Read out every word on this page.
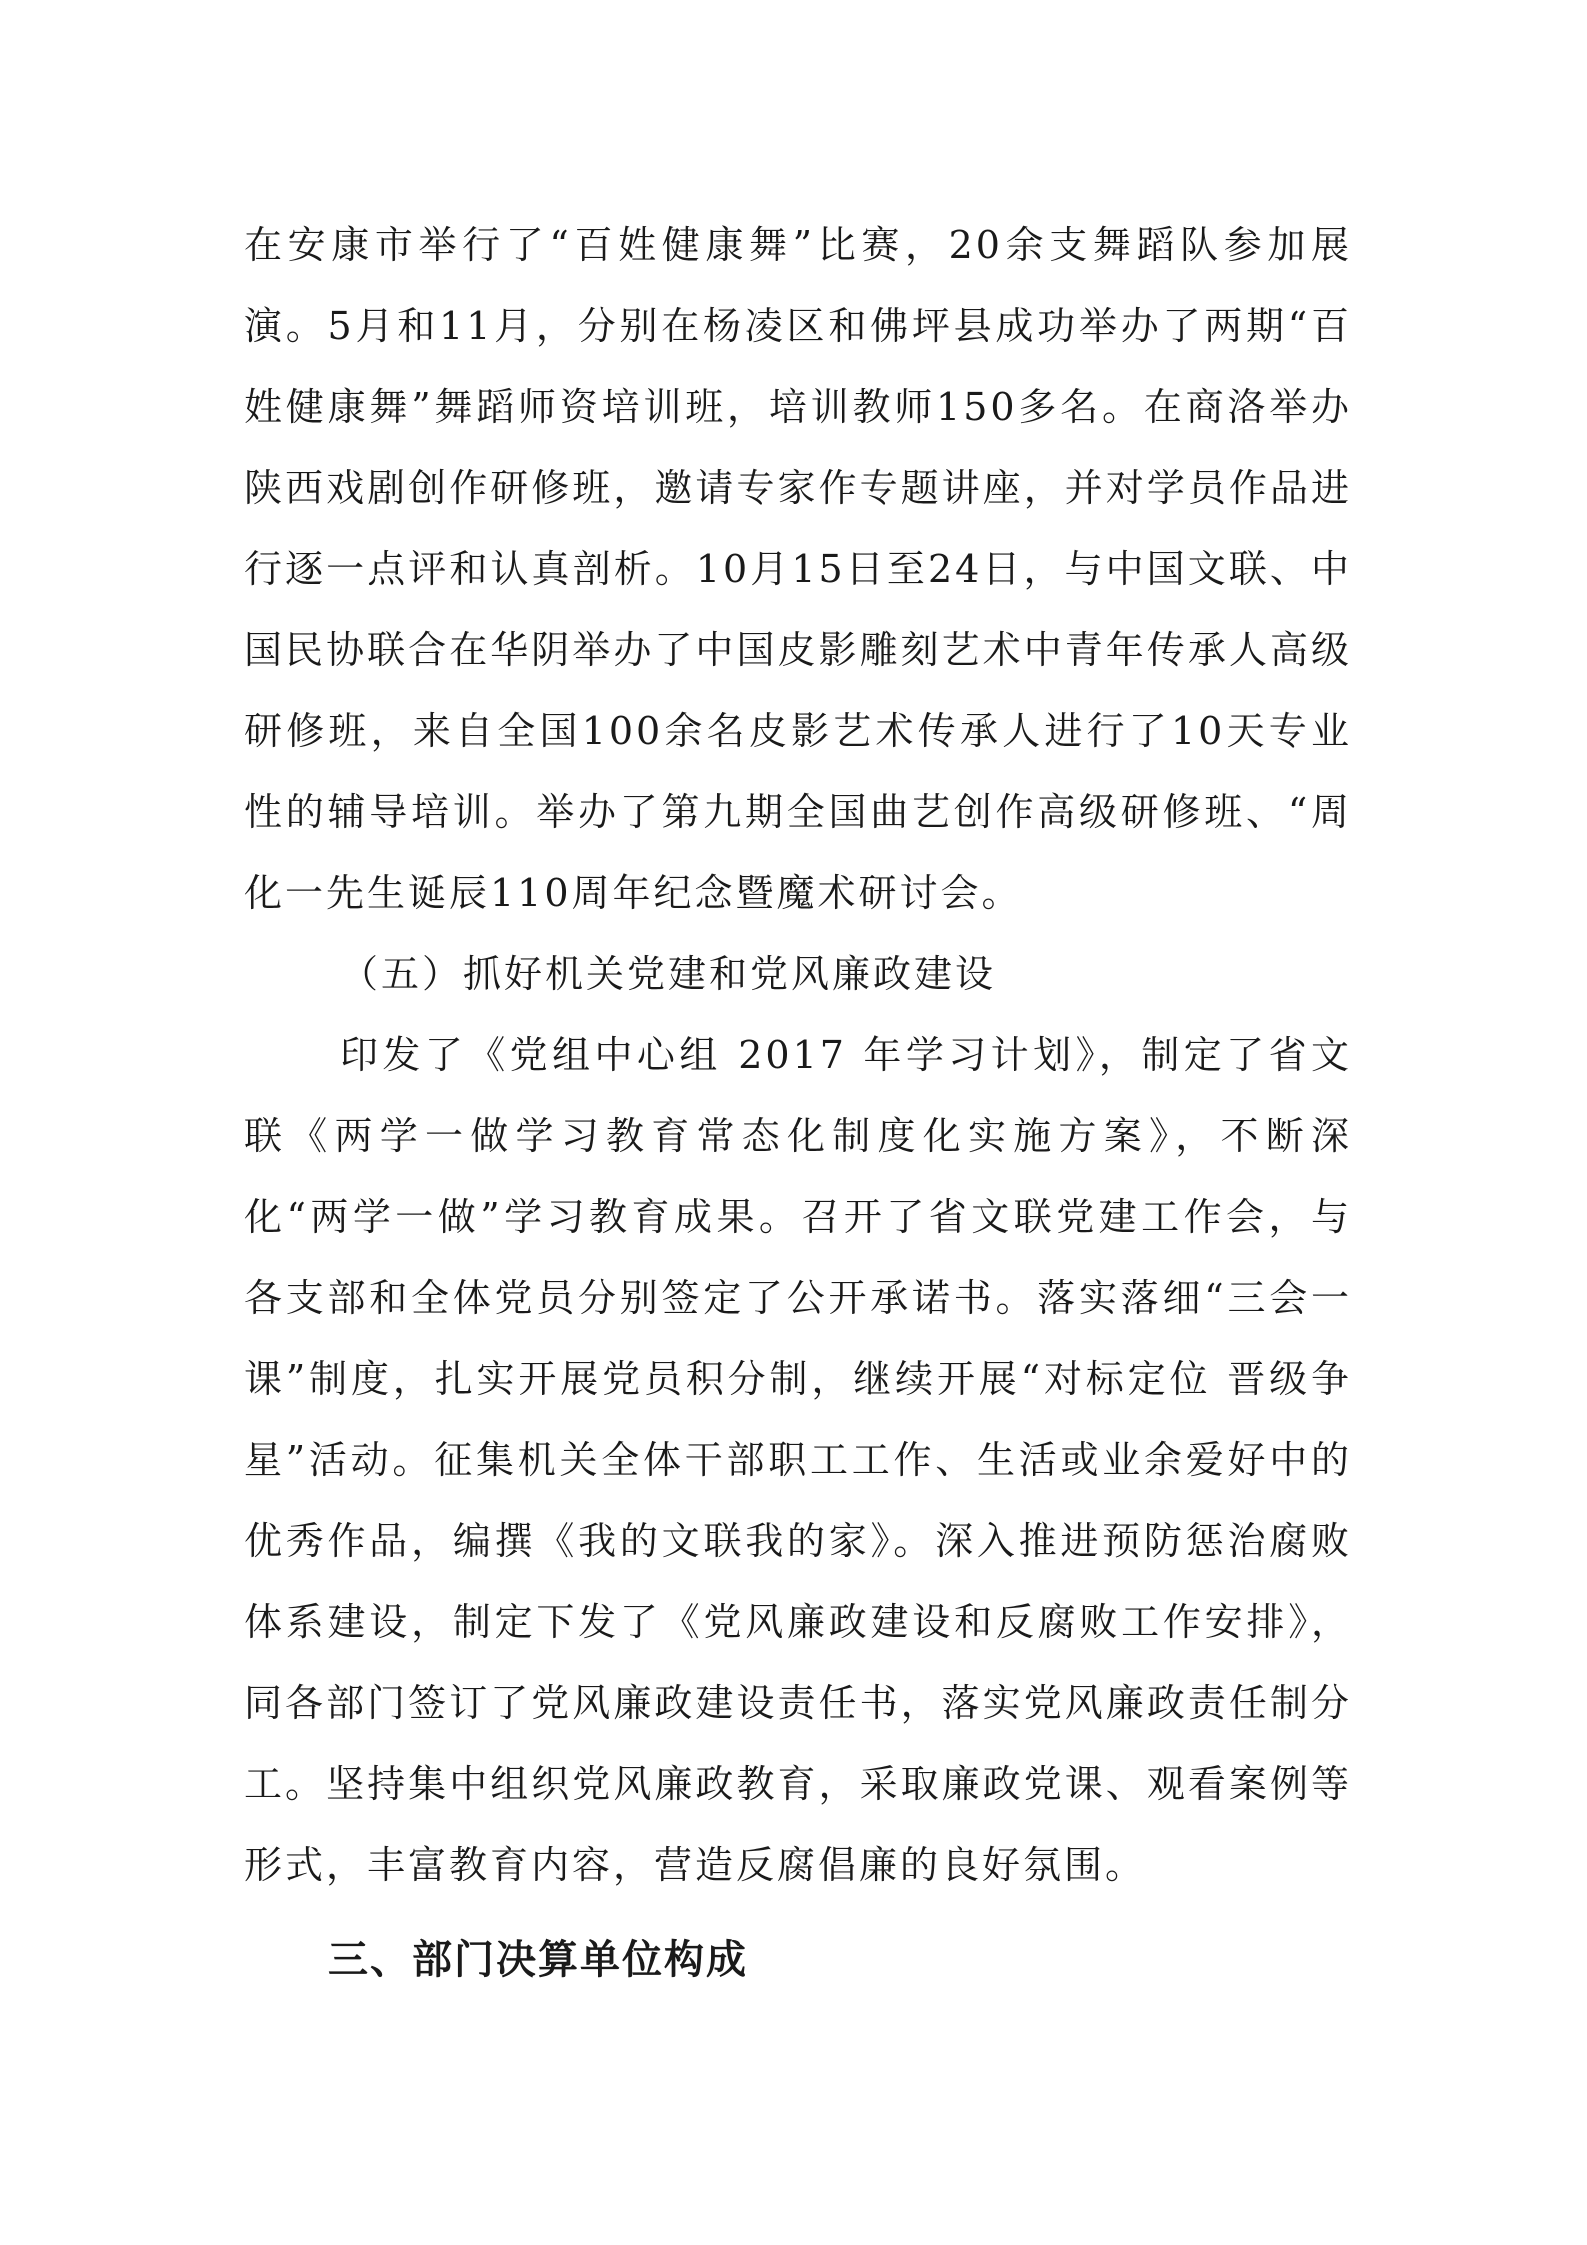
在安康市举行了“百姓健康舞”比赛，20余支舞蹈队参加展演。5月和11月，分别在杨凌区和佛坪县成功举办了两期“百姓健康舞”舞蹈师资培训班，培训教师150多名。在商洛举办陕西戏剧创作研修班，邀请专家作专题讲座，并对学员作品进行逐一点评和认真剖析。10月15日至24日，与中国文联、中国民协联合在华阴举办了中国皮影雕刻艺术中青年传承人高级研修班，来自全国100余名皮影艺术传承人进行了10天专业性的辅导培训。举办了第九期全国曲艺创作高级研修班、“周化一先生诞辰110周年纪念暨魔术研讨会。

（五）抓好机关党建和党风廉政建设

印发了《党组中心组 2017 年学习计划》，制定了省文联《两学一做学习教育常态化制度化实施方案》，不断深化“两学一做”学习教育成果。召开了省文联党建工作会，与各支部和全体党员分别签定了公开承诺书。落实落细“三会一课”制度，扎实开展党员积分制，继续开展“对标定位 晋级争星”活动。征集机关全体干部职工工作、生活或业余爱好中的优秀作品，编撰《我的文联我的家》。深入推进预防惩治腐败体系建设，制定下发了《党风廉政建设和反腐败工作安排》，同各部门签订了党风廉政建设责任书，落实党风廉政责任制分工。坚持集中组织党风廉政教育，采取廉政党课、观看案例等形式，丰富教育内容，营造反腐倡廉的良好氛围。

三、部门决算单位构成
